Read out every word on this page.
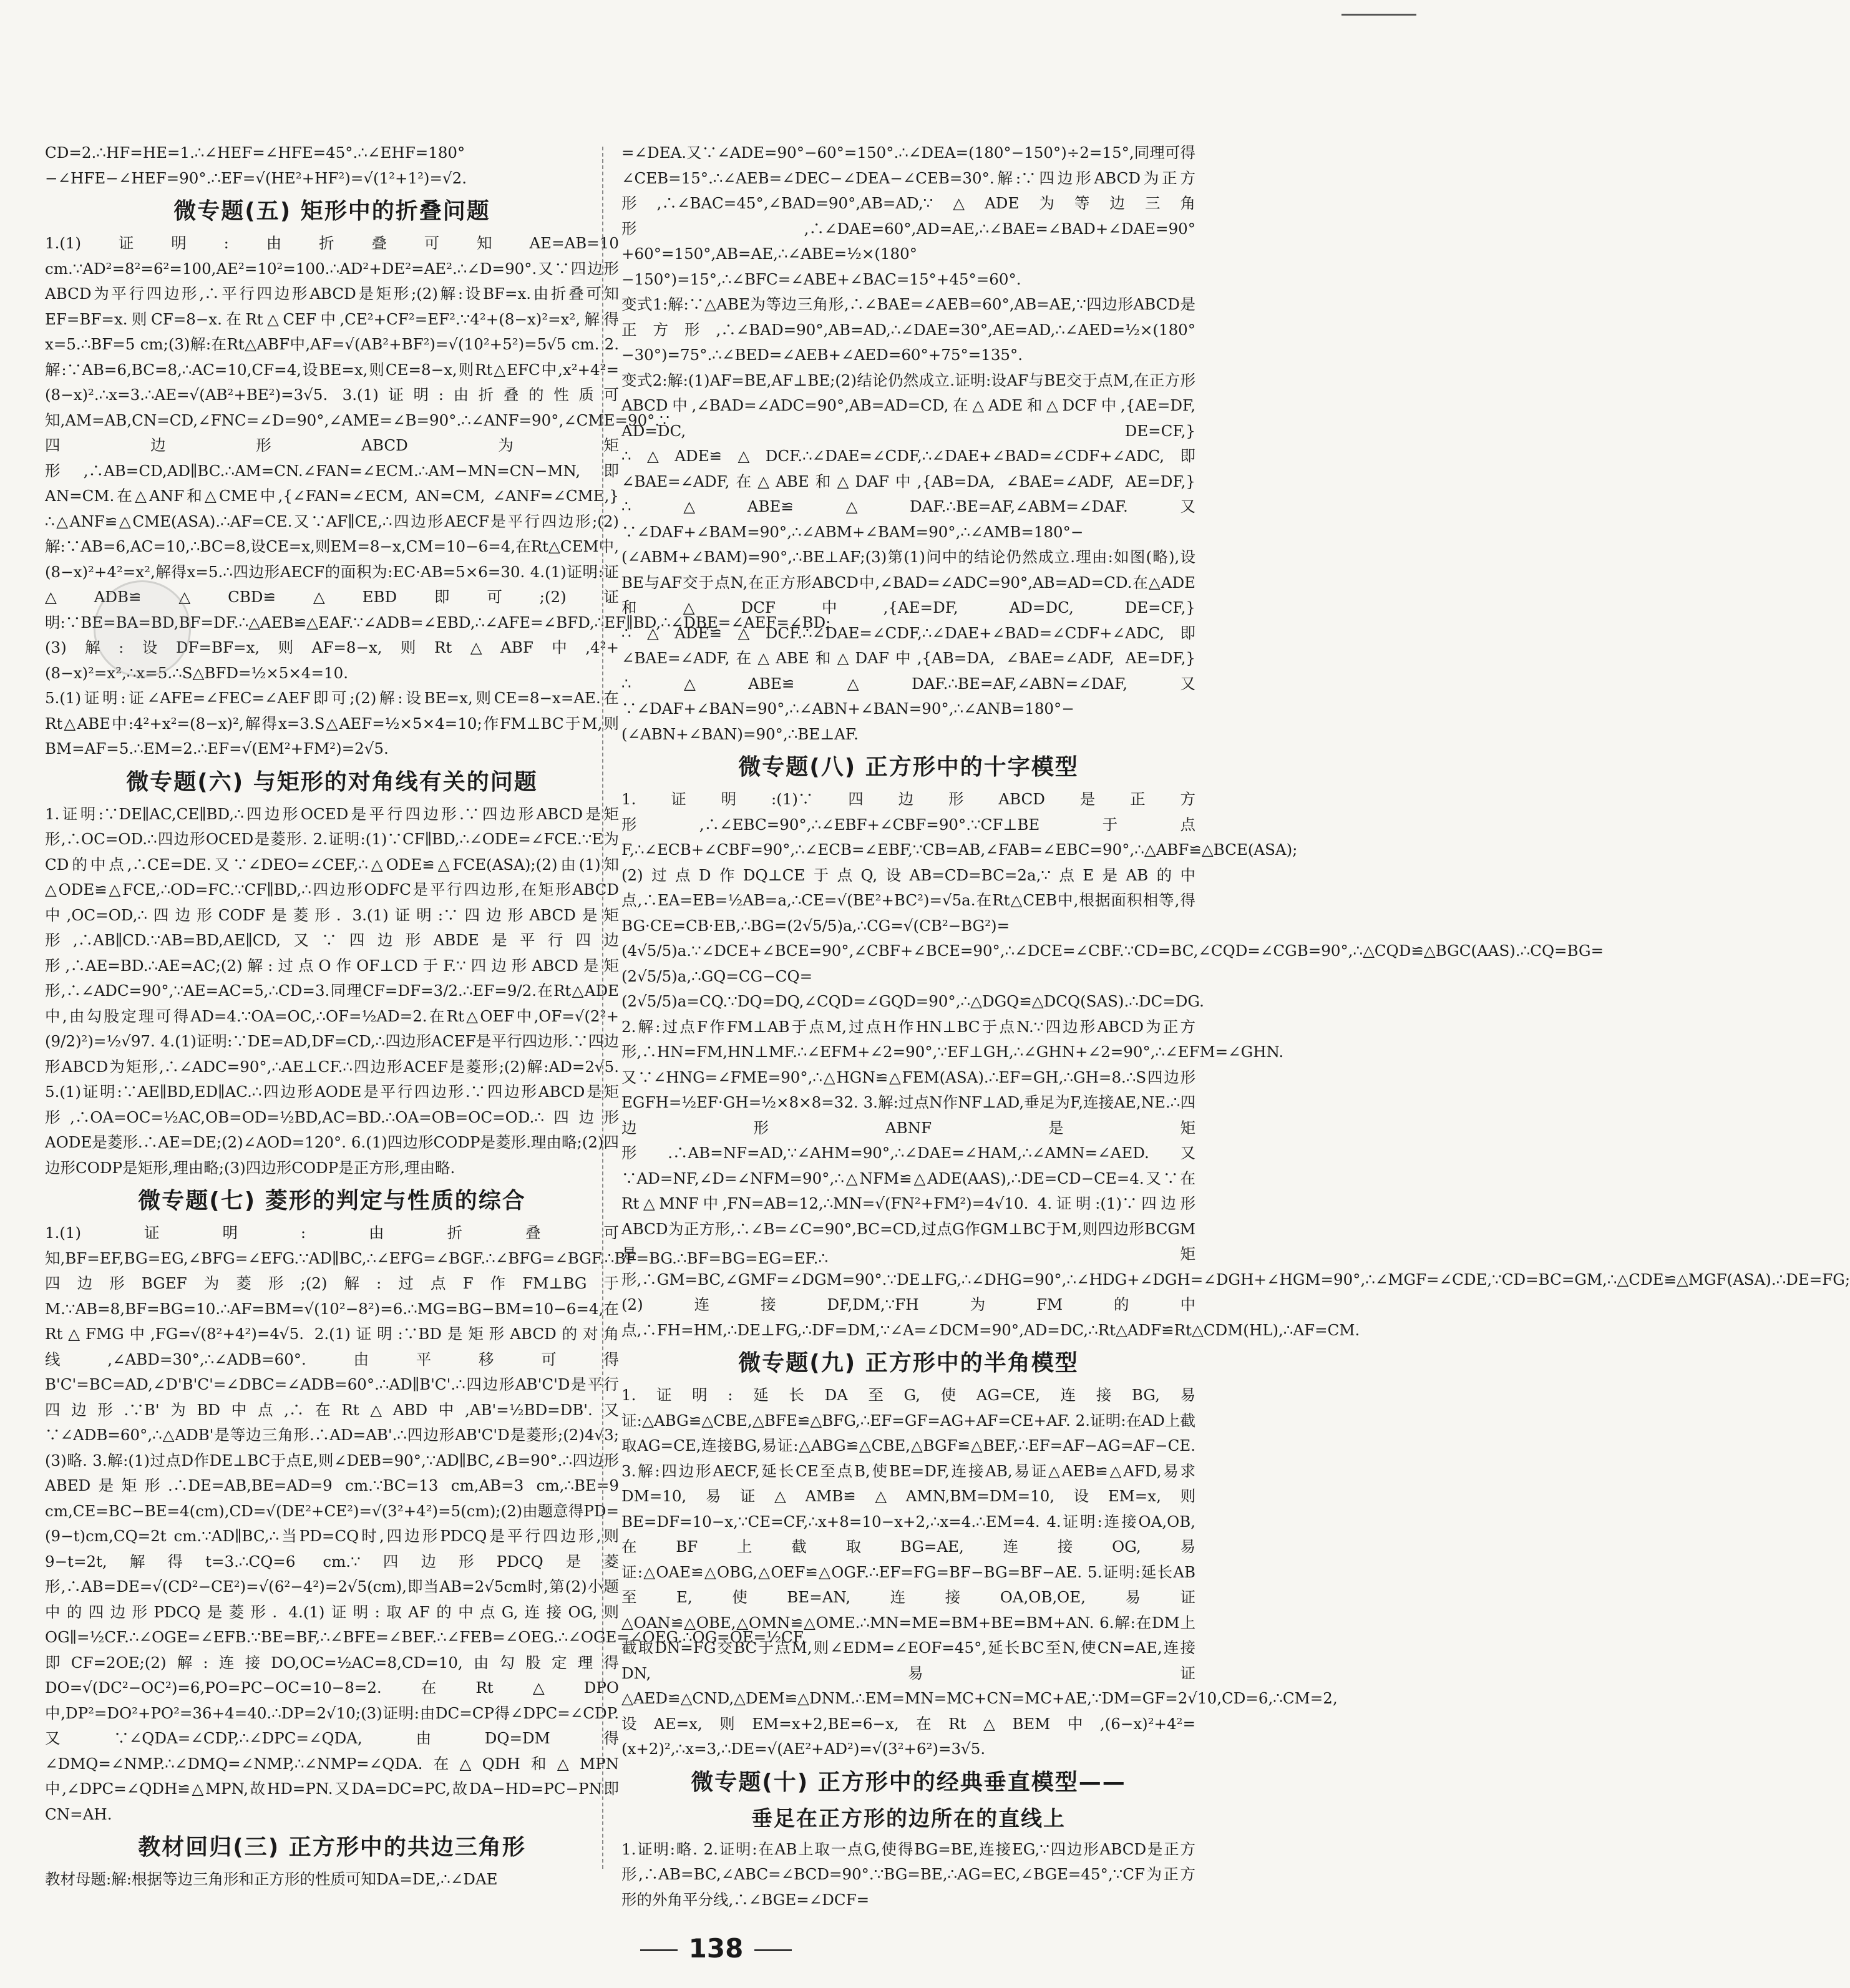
CD=2.∴HF=HE=1.∴∠HEF=∠HFE=45°.∴∠EHF=180°−∠HFE−∠HEF=90°.∴EF=√(HE²+HF²)=√(1²+1²)=√2.
微专题(五) 矩形中的折叠问题
1.(1)证明:由折叠可知AE=AB=10 cm.∵AD²=8²=6²=100,AE²=10²=100.∴AD²+DE²=AE².∴∠D=90°.又∵四边形ABCD为平行四边形,∴平行四边形ABCD是矩形;(2)解:设BF=x.由折叠可知EF=BF=x.则CF=8−x.在Rt△CEF中,CE²+CF²=EF².∵4²+(8−x)²=x²,解得x=5.∴BF=5 cm;(3)解:在Rt△ABF中,AF=√(AB²+BF²)=√(10²+5²)=5√5 cm. 2.解:∵AB=6,BC=8,∴AC=10,CF=4,设BE=x,则CE=8−x,则Rt△EFC中,x²+4²=(8−x)².∴x=3.∴AE=√(AB²+BE²)=3√5. 3.(1)证明:由折叠的性质可知,AM=AB,CN=CD,∠FNC=∠D=90°,∠AME=∠B=90°.∴∠ANF=90°,∠CME=90°.∵四边形ABCD为矩形,∴AB=CD,AD∥BC.∴AM=CN.∠FAN=∠ECM.∴AM−MN=CN−MN,即AN=CM.在△ANF和△CME中,{∠FAN=∠ECM, AN=CM, ∠ANF=∠CME,}∴△ANF≌△CME(ASA).∴AF=CE.又∵AF∥CE,∴四边形AECF是平行四边形;(2)解:∵AB=6,AC=10,∴BC=8,设CE=x,则EM=8−x,CM=10−6=4,在Rt△CEM中,(8−x)²+4²=x²,解得x=5.∴四边形AECF的面积为:EC·AB=5×6=30. 4.(1)证明:证△ADB≌△CBD≌△EBD即可;(2)证明:∵BE=BA=BD,BF=DF.∴△AEB≌△EAF.∵∠ADB=∠EBD,∴∠AFE=∠BFD,∴EF∥BD,∴∠DBE=∠AEF=∠BD;(3)解:设DF=BF=x,则AF=8−x,则Rt△ABF中,4²+(8−x)²=x²,∴x=5.∴S△BFD=½×5×4=10.
5.(1)证明:证∠AFE=∠FEC=∠AEF即可;(2)解:设BE=x,则CE=8−x=AE.在Rt△ABE中:4²+x²=(8−x)²,解得x=3.S△AEF=½×5×4=10;作FM⊥BC于M,则BM=AF=5.∴EM=2.∴EF=√(EM²+FM²)=2√5.
微专题(六) 与矩形的对角线有关的问题
1.证明:∵DE∥AC,CE∥BD,∴四边形OCED是平行四边形.∵四边形ABCD是矩形,∴OC=OD.∴四边形OCED是菱形. 2.证明:(1)∵CF∥BD,∴∠ODE=∠FCE.∵E为CD的中点,∴CE=DE.又∵∠DEO=∠CEF,∴△ODE≌△FCE(ASA);(2)由(1)知△ODE≌△FCE,∴OD=FC.∵CF∥BD,∴四边形ODFC是平行四边形,在矩形ABCD中,OC=OD,∴四边形CODF是菱形. 3.(1)证明:∵四边形ABCD是矩形,∴AB∥CD.∵AB=BD,AE∥CD,又∵四边形ABDE是平行四边形,∴AE=BD.∴AE=AC;(2)解:过点O作OF⊥CD于F.∵四边形ABCD是矩形,∴∠ADC=90°,∵AE=AC=5,∴CD=3.同理CF=DF=3/2.∴EF=9/2.在Rt△ADE中,由勾股定理可得AD=4.∵OA=OC,∴OF=½AD=2.在Rt△OEF中,OF=√(2²+(9/2)²)=½√97. 4.(1)证明:∵DE=AD,DF=CD,∴四边形ACEF是平行四边形.∵四边形ABCD为矩形,∴∠ADC=90°,∴AE⊥CF.∴四边形ACEF是菱形;(2)解:AD=2√5. 5.(1)证明:∵AE∥BD,ED∥AC.∴四边形AODE是平行四边形.∵四边形ABCD是矩形,∴OA=OC=½AC,OB=OD=½BD,AC=BD.∴OA=OB=OC=OD.∴四边形AODE是菱形.∴AE=DE;(2)∠AOD=120°. 6.(1)四边形CODP是菱形.理由略;(2)四边形CODP是矩形,理由略;(3)四边形CODP是正方形,理由略.
微专题(七) 菱形的判定与性质的综合
1.(1)证明:由折叠可知,BF=EF,BG=EG,∠BFG=∠EFG.∵AD∥BC,∴∠EFG=∠BGF.∴∠BFG=∠BGF.∴BF=BG.∴BF=BG=EG=EF.∴四边形BGEF为菱形;(2)解:过点F作FM⊥BG于M.∵AB=8,BF=BG=10.∴AF=BM=√(10²−8²)=6.∴MG=BG−BM=10−6=4,在Rt△FMG中,FG=√(8²+4²)=4√5. 2.(1)证明:∵BD是矩形ABCD的对角线,∠ABD=30°,∴∠ADB=60°.由平移可得B'C'=BC=AD,∠D'B'C'=∠DBC=∠ADB=60°.∴AD∥B'C'.∴四边形AB'C'D是平行四边形.∵B'为BD中点,∴在Rt△ABD中,AB'=½BD=DB'.又∵∠ADB=60°,∴△ADB'是等边三角形.∴AD=AB'.∴四边形AB'C'D是菱形;(2)4√3;(3)略. 3.解:(1)过点D作DE⊥BC于点E,则∠DEB=90°,∵AD∥BC,∠B=90°.∴四边形ABED是矩形.∴DE=AB,BE=AD=9 cm.∵BC=13 cm,AB=3 cm,∴BE=9 cm,CE=BC−BE=4(cm),CD=√(DE²+CE²)=√(3²+4²)=5(cm);(2)由题意得PD=(9−t)cm,CQ=2t cm.∵AD∥BC,∴当PD=CQ时,四边形PDCQ是平行四边形,则9−t=2t,解得t=3.∴CQ=6 cm.∵四边形PDCQ是菱形,∴AB=DE=√(CD²−CE²)=√(6²−4²)=2√5(cm),即当AB=2√5cm时,第(2)小题中的四边形PDCQ是菱形. 4.(1)证明:取AF的中点G,连接OG,则OG∥=½CF.∴∠OGE=∠EFB.∵BE=BF,∴∠BFE=∠BEF.∴∠FEB=∠OEG.∴∠OGE=∠OEG.∴OG=OE=½CF,即CF=2OE;(2)解:连接DO,OC=½AC=8,CD=10,由勾股定理得DO=√(DC²−OC²)=6,PO=PC−OC=10−8=2.在Rt△DPO中,DP²=DO²+PO²=36+4=40.∴DP=2√10;(3)证明:由DC=CP得∠DPC=∠CDP.又∵∠QDA=∠CDP,∴∠DPC=∠QDA,由DQ=DM得∠DMQ=∠NMP.∴∠DMQ=∠NMP,∴∠NMP=∠QDA.在△QDH和△MPN中,∠DPC=∠QDH≌△MPN,故HD=PN.又DA=DC=PC,故DA−HD=PC−PN即CN=AH.
教材回归(三) 正方形中的共边三角形
教材母题:解:根据等边三角形和正方形的性质可知DA=DE,∴∠DAE
=∠DEA.又∵∠ADE=90°−60°=150°.∴∠DEA=(180°−150°)÷2=15°,同理可得∠CEB=15°.∴∠AEB=∠DEC−∠DEA−∠CEB=30°.解:∵四边形ABCD为正方形,∴∠BAC=45°,∠BAD=90°,AB=AD,∵△ADE为等边三角形,∴∠DAE=60°,AD=AE,∴∠BAE=∠BAD+∠DAE=90°+60°=150°,AB=AE,∴∠ABE=½×(180°−150°)=15°,∴∠BFC=∠ABE+∠BAC=15°+45°=60°.
变式1:解:∵△ABE为等边三角形,∴∠BAE=∠AEB=60°,AB=AE,∵四边形ABCD是正方形,∴∠BAD=90°,AB=AD,∴∠DAE=30°,AE=AD,∴∠AED=½×(180°−30°)=75°.∴∠BED=∠AEB+∠AED=60°+75°=135°.
变式2:解:(1)AF=BE,AF⊥BE;(2)结论仍然成立.证明:设AF与BE交于点M,在正方形ABCD中,∠BAD=∠ADC=90°,AB=AD=CD,在△ADE和△DCF中,{AE=DF, AD=DC, DE=CF,}∴△ADE≌△DCF.∴∠DAE=∠CDF,∴∠DAE+∠BAD=∠CDF+∠ADC,即∠BAE=∠ADF,在△ABE和△DAF中,{AB=DA, ∠BAE=∠ADF, AE=DF,}∴△ABE≌△DAF.∴BE=AF,∠ABM=∠DAF.又∵∠DAF+∠BAM=90°,∴∠ABM+∠BAM=90°,∴∠AMB=180°−(∠ABM+∠BAM)=90°,∴BE⊥AF;(3)第(1)问中的结论仍然成立.理由:如图(略),设BE与AF交于点N,在正方形ABCD中,∠BAD=∠ADC=90°,AB=AD=CD.在△ADE和△DCF中,{AE=DF, AD=DC, DE=CF,}∴△ADE≌△DCF.∴∠DAE=∠CDF,∴∠DAE+∠BAD=∠CDF+∠ADC,即∠BAE=∠ADF,在△ABE和△DAF中,{AB=DA, ∠BAE=∠ADF, AE=DF,}∴△ABE≌△DAF.∴BE=AF,∠ABN=∠DAF,又∵∠DAF+∠BAN=90°,∴∠ABN+∠BAN=90°,∴∠ANB=180°−(∠ABN+∠BAN)=90°,∴BE⊥AF.
微专题(八) 正方形中的十字模型
1.证明:(1)∵四边形ABCD是正方形,∴∠EBC=90°,∴∠EBF+∠CBF=90°.∵CF⊥BE于点F,∴∠ECB+∠CBF=90°,∴∠ECB=∠EBF,∵CB=AB,∠FAB=∠EBC=90°,∴△ABF≌△BCE(ASA);(2)过点D作DQ⊥CE于点Q,设AB=CD=BC=2a,∵点E是AB的中点,∴EA=EB=½AB=a,∴CE=√(BE²+BC²)=√5a.在Rt△CEB中,根据面积相等,得BG·CE=CB·EB,∴BG=(2√5/5)a,∴CG=√(CB²−BG²)=(4√5/5)a.∵∠DCE+∠BCE=90°,∠CBF+∠BCE=90°,∴∠DCE=∠CBF.∵CD=BC,∠CQD=∠CGB=90°,∴△CQD≌△BGC(AAS).∴CQ=BG=(2√5/5)a,∴GQ=CG−CQ=(2√5/5)a=CQ.∵DQ=DQ,∠CQD=∠GQD=90°,∴△DGQ≌△DCQ(SAS).∴DC=DG. 2.解:过点F作FM⊥AB于点M,过点H作HN⊥BC于点N.∵四边形ABCD为正方形,∴HN=FM,HN⊥MF.∴∠EFM+∠2=90°,∵EF⊥GH,∴∠GHN+∠2=90°,∴∠EFM=∠GHN.又∵∠HNG=∠FME=90°,∴△HGN≌△FEM(ASA).∴EF=GH,∴GH=8.∴S四边形EGFH=½EF·GH=½×8×8=32. 3.解:过点N作NF⊥AD,垂足为F,连接AE,NE.∴四边形ABNF是矩形.∴AB=NF=AD,∵∠AHM=90°,∴∠DAE=∠HAM,∴∠AMN=∠AED.又∵AD=NF,∠D=∠NFM=90°,∴△NFM≌△ADE(AAS),∴DE=CD−CE=4.又∵在Rt△MNF中,FN=AB=12,∴MN=√(FN²+FM²)=4√10. 4.证明:(1)∵四边形ABCD为正方形,∴∠B=∠C=90°,BC=CD,过点G作GM⊥BC于M,则四边形BCGM是矩形,∴GM=BC,∠GMF=∠DGM=90°.∵DE⊥FG,∴∠DHG=90°,∴∠HDG+∠DGH=∠DGH+∠HGM=90°,∴∠MGF=∠CDE,∵CD=BC=GM,∴△CDE≌△MGF(ASA).∴DE=FG;(2)连接DF,DM,∵FH为FM的中点,∴FH=HM,∴DE⊥FG,∴DF=DM,∵∠A=∠DCM=90°,AD=DC,∴Rt△ADF≌Rt△CDM(HL),∴AF=CM.
微专题(九) 正方形中的半角模型
1.证明:延长DA至G,使AG=CE,连接BG,易证:△ABG≌△CBE,△BFE≌△BFG,∴EF=GF=AG+AF=CE+AF. 2.证明:在AD上截取AG=CE,连接BG,易证:△ABG≌△CBE,△BGF≌△BEF,∴EF=AF−AG=AF−CE. 3.解:四边形AECF,延长CE至点B,使BE=DF,连接AB,易证△AEB≌△AFD,易求DM=10,易证△AMB≌△AMN,BM=DM=10,设EM=x,则BE=DF=10−x,∵CE=CF,∴x+8=10−x+2,∴x=4.∴EM=4. 4.证明:连接OA,OB,在BF上截取BG=AE,连接OG,易证:△OAE≌△OBG,△OEF≌△OGF.∴EF=FG=BF−BG=BF−AE. 5.证明:延长AB至E,使BE=AN,连接OA,OB,OE,易证△OAN≌△OBE,△OMN≌△OME.∴MN=ME=BM+BE=BM+AN. 6.解:在DM上截取DN=FG交BC于点M,则∠EDM=∠EOF=45°,延长BC至N,使CN=AE,连接DN,易证△AED≌△CND,△DEM≌△DNM.∴EM=MN=MC+CN=MC+AE,∵DM=GF=2√10,CD=6,∴CM=2,设AE=x,则EM=x+2,BE=6−x,在Rt△BEM中,(6−x)²+4²=(x+2)²,∴x=3,∴DE=√(AE²+AD²)=√(3²+6²)=3√5.
微专题(十) 正方形中的经典垂直模型——
垂足在正方形的边所在的直线上
1.证明:略. 2.证明:在AB上取一点G,使得BG=BE,连接EG,∵四边形ABCD是正方形,∴AB=BC,∠ABC=∠BCD=90°.∵BG=BE,∴AG=EC,∠BGE=45°,∵CF为正方形的外角平分线,∴∠BGE=∠DCF=
138
